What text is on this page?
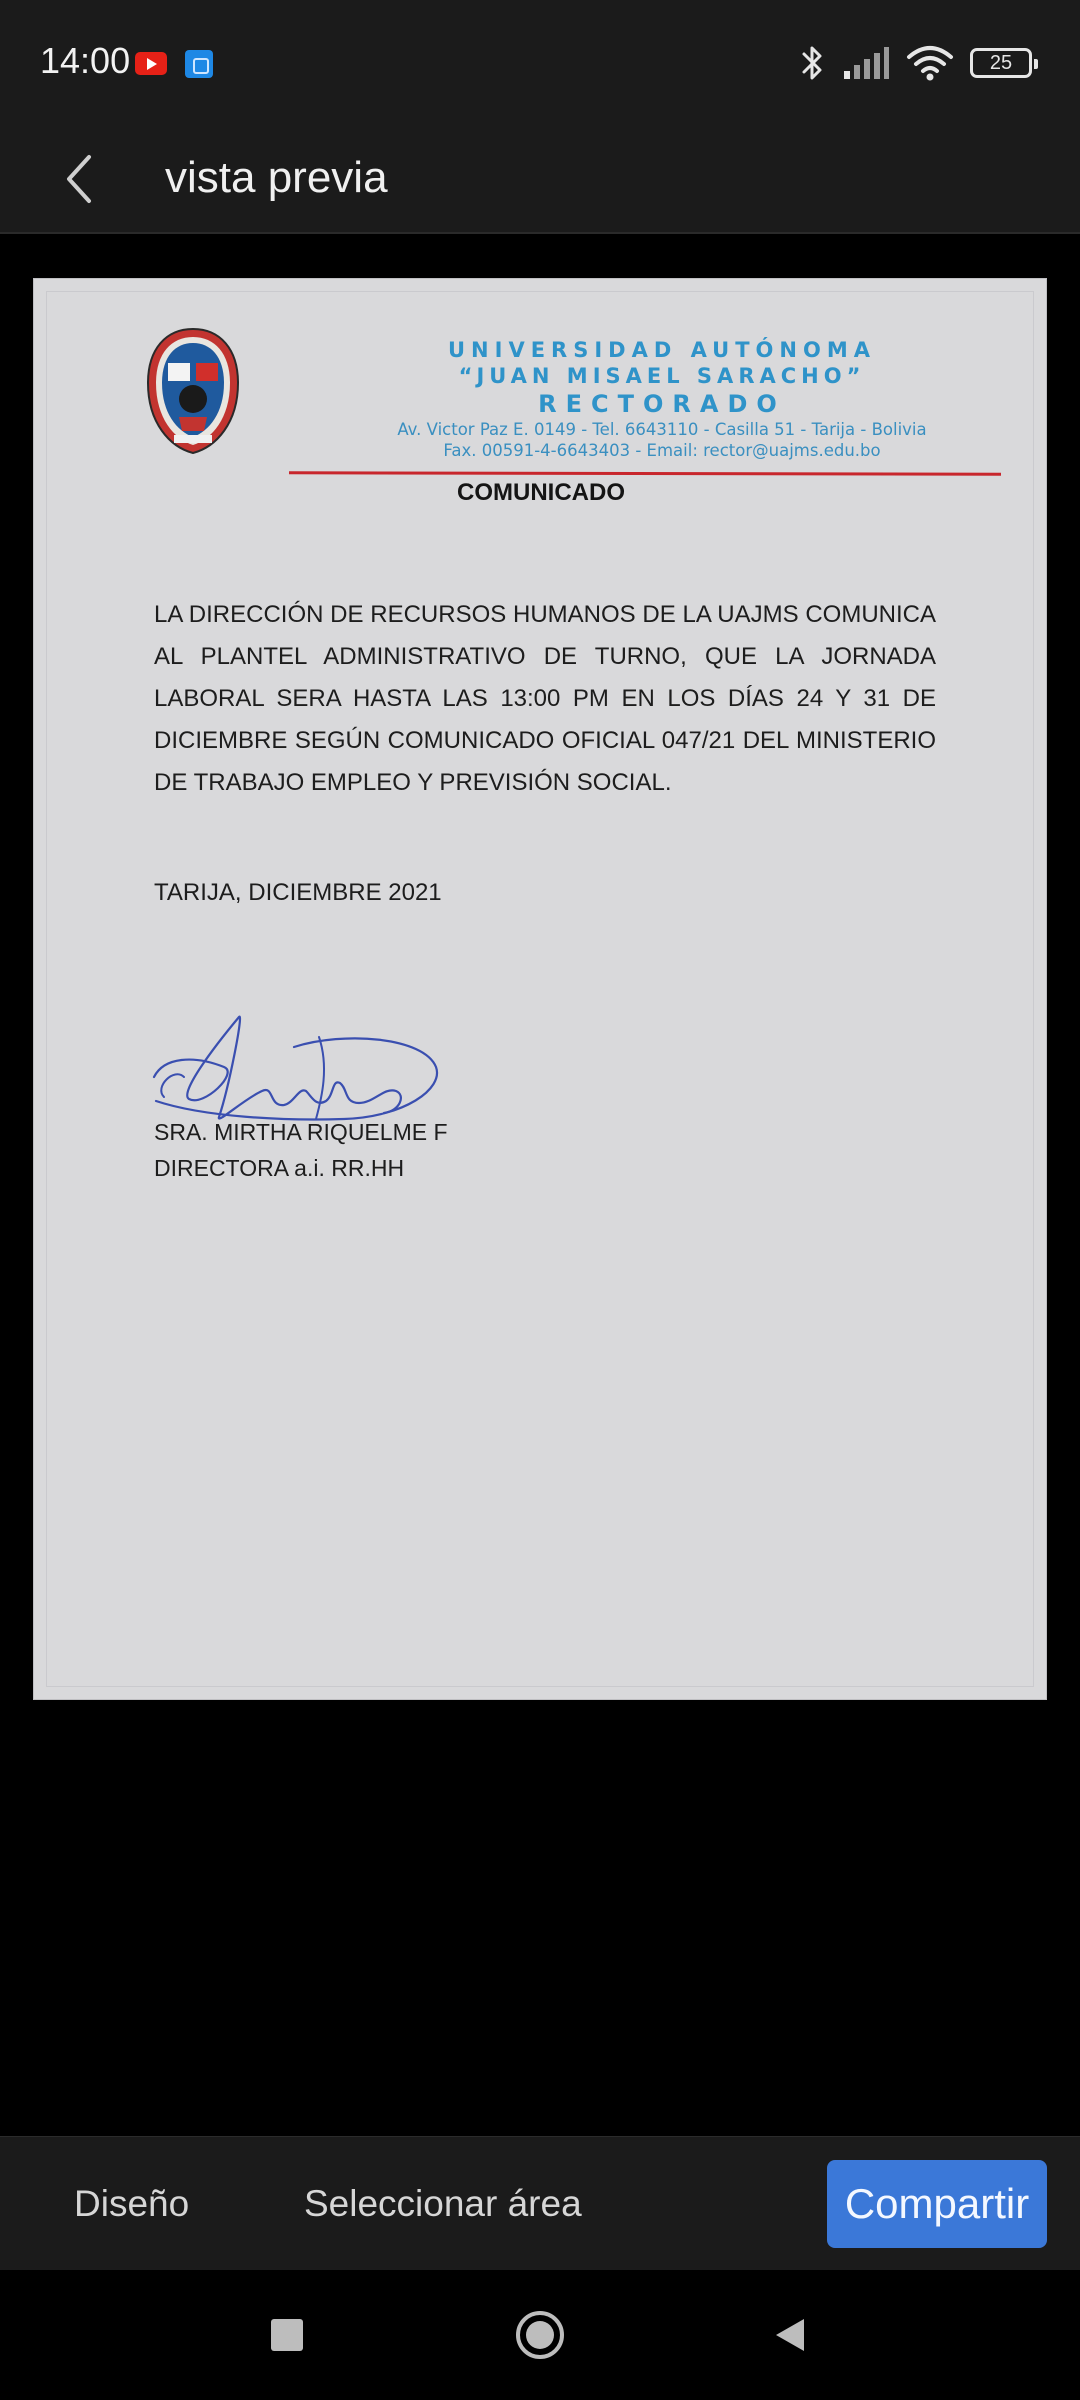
14:00	25
vista previa
UNIVERSIDAD AUTÓNOMA
“JUAN MISAEL SARACHO”
RECTORADO
Av. Victor Paz E. 0149 - Tel. 6643110 - Casilla 51 - Tarija - Bolivia
Fax. 00591-4-6643403 - Email: rector@uajms.edu.bo
COMUNICADO

LA DIRECCIÓN DE RECURSOS HUMANOS DE LA UAJMS COMUNICA AL PLANTEL ADMINISTRATIVO DE TURNO, QUE LA JORNADA LABORAL SERA HASTA LAS 13:00 PM EN LOS DÍAS 24 Y 31 DE DICIEMBRE SEGÚN COMUNICADO OFICIAL 047/21 DEL MINISTERIO DE TRABAJO EMPLEO Y PREVISIÓN SOCIAL.

TARIJA, DICIEMBRE 2021
SRA. MIRTHA RIQUELME F
DIRECTORA a.i. RR.HH
Diseño	Seleccionar área	Compartir
